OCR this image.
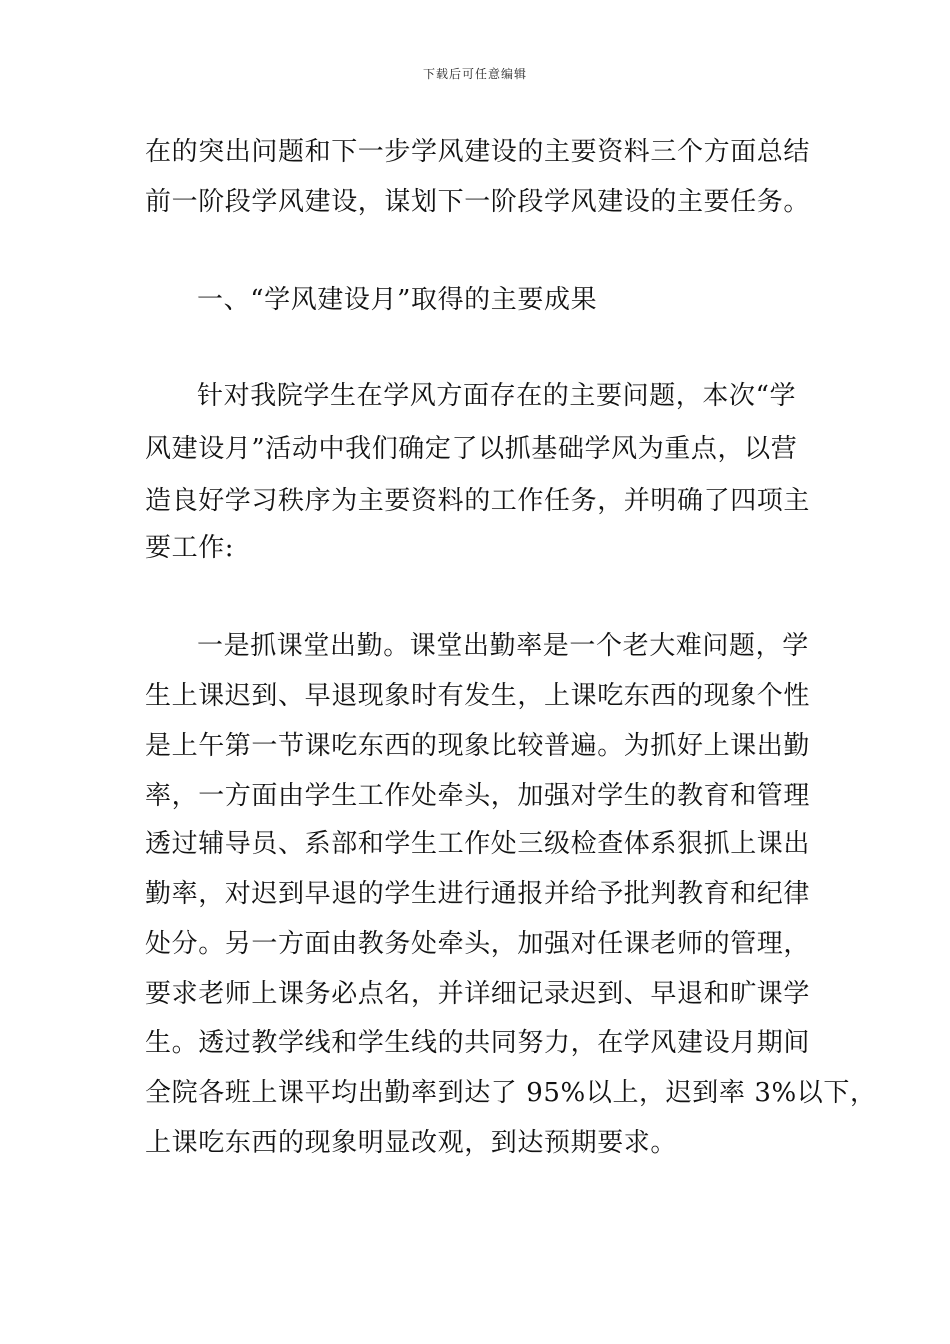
下载后可任意编辑
在的突出问题和下一步学风建设的主要资料三个方面总结
前一阶段学风建设，谋划下一阶段学风建设的主要任务。
一、“学风建设月”取得的主要成果
针对我院学生在学风方面存在的主要问题，本次“学
风建设月”活动中我们确定了以抓基础学风为重点，以营
造良好学习秩序为主要资料的工作任务，并明确了四项主
要工作:
一是抓课堂出勤。课堂出勤率是一个老大难问题，学
生上课迟到、早退现象时有发生，上课吃东西的现象个性
是上午第一节课吃东西的现象比较普遍。为抓好上课出勤
率，一方面由学生工作处牵头，加强对学生的教育和管理
透过辅导员、系部和学生工作处三级检查体系狠抓上课出
勤率，对迟到早退的学生进行通报并给予批判教育和纪律
处分。另一方面由教务处牵头，加强对任课老师的管理，
要求老师上课务必点名，并详细记录迟到、早退和旷课学
生。透过教学线和学生线的共同努力，在学风建设月期间
全院各班上课平均出勤率到达了 95%以上，迟到率 3%以下，
上课吃东西的现象明显改观，到达预期要求。
